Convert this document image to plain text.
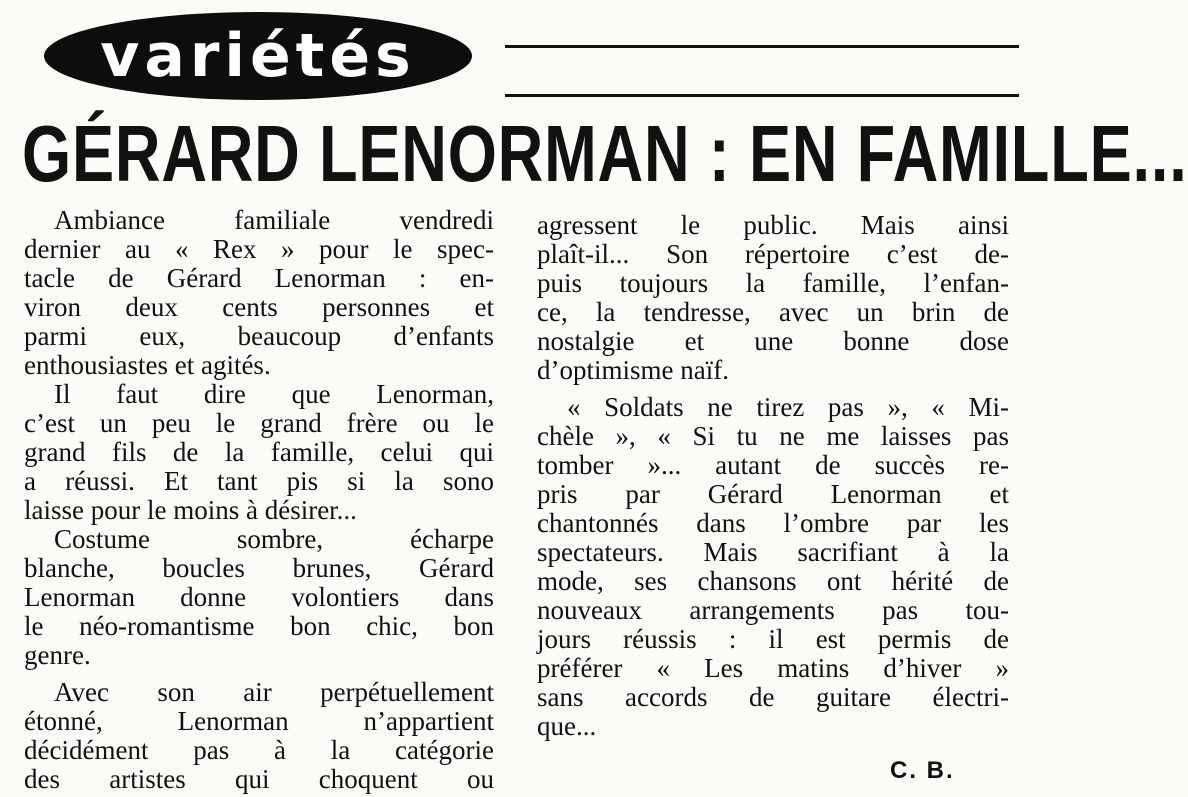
variétés
GÉRARD LENORMAN : EN FAMILLE...
Ambiance familiale vendredi
dernier au « Rex » pour le spec-
tacle de Gérard Lenorman : en-
viron deux cents personnes et
parmi eux, beaucoup d’enfants
enthousiastes et agités.
Il faut dire que Lenorman,
c’est un peu le grand frère ou le
grand fils de la famille, celui qui
a réussi. Et tant pis si la sono
laisse pour le moins à désirer...
Costume sombre, écharpe
blanche, boucles brunes, Gérard
Lenorman donne volontiers dans
le néo-romantisme bon chic, bon
genre.
Avec son air perpétuellement
étonné, Lenorman n’appartient
décidément pas à la catégorie
des artistes qui choquent ou
agressent le public. Mais ainsi
plaît-il... Son répertoire c’est de-
puis toujours la famille, l’enfan-
ce, la tendresse, avec un brin de
nostalgie et une bonne dose
d’optimisme naïf.
« Soldats ne tirez pas », « Mi-
chèle », « Si tu ne me laisses pas
tomber »... autant de succès re-
pris par Gérard Lenorman et
chantonnés dans l’ombre par les
spectateurs. Mais sacrifiant à la
mode, ses chansons ont hérité de
nouveaux arrangements pas tou-
jours réussis : il est permis de
préférer « Les matins d’hiver »
sans accords de guitare électri-
que...
C. B.
